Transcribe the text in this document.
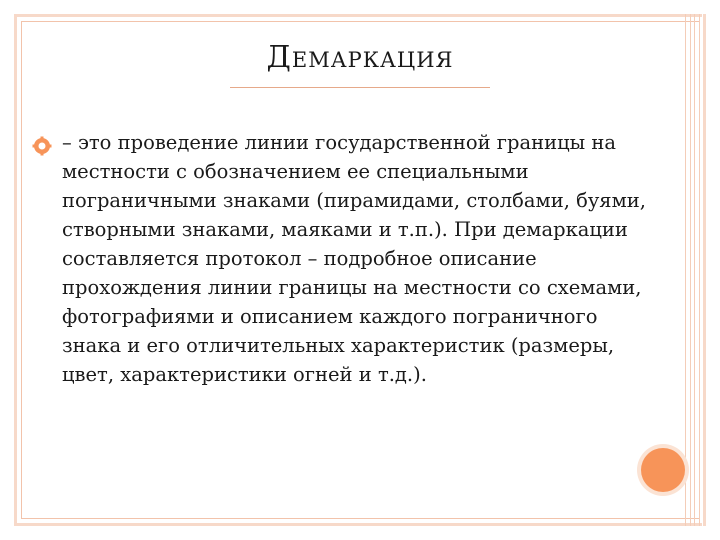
Демаркация

– это проведение линии государственной границы на местности с обозначением ее специальными пограничными знаками (пирамидами, столбами, буями, створными знаками, маяками и т.п.). При демаркации составляется протокол – подробное описание прохождения линии границы на местности со схемами, фотографиями и описанием каждого пограничного знака и его отличительных характеристик (размеры, цвет, характеристики огней и т.д.).
